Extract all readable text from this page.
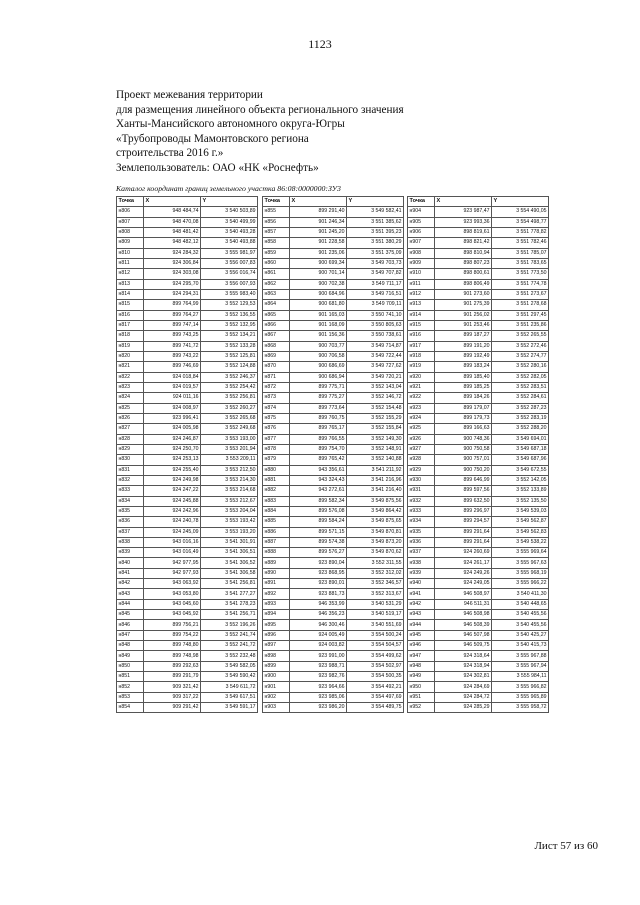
1123
Проект межевания территории
для размещения линейного объекта регионального значения
Ханты-Мансийского автономного округа-Югры
«Трубопроводы Мамонтовского региона
строительства 2016 г.»
Землепользователь: ОАО «НК «Роснефть»
Каталог координат границ земельного участка 86:08:0000000:ЗУ3
Точка	X	Y
н806	948 484,74	3 540 503,89
н807	948 470,08	3 540 499,99
н808	948 481,42	3 540 493,28
н809	948 482,12	3 540 493,88
н810	924 284,32	3 555 981,97
н811	924 306,84	3 556 007,83
н812	924 303,08	3 556 016,74
н813	924 295,70	3 556 007,93
н814	924 294,31	3 555 983,40
н815	899 764,99	3 552 129,53
н816	899 764,27	3 552 136,55
н817	899 747,14	3 552 132,95
н818	899 743,25	3 552 134,21
н819	899 741,72	3 552 133,28
н820	899 743,22	3 552 125,81
н821	899 746,69	3 552 124,88
н822	924 018,84	3 552 246,37
н823	924 019,57	3 552 254,42
н824	924 011,16	3 552 256,81
н825	924 008,97	3 552 260,27
н826	923 996,41	3 552 265,68
н827	924 005,98	3 552 249,68
н828	924 246,87	3 553 193,00
н829	924 250,70	3 553 201,94
н830	924 253,13	3 553 209,11
н831	924 255,40	3 553 212,50
н832	924 249,98	3 553 214,30
н833	924 247,22	3 553 214,68
н834	924 245,88	3 553 212,67
н835	924 242,96	3 553 204,04
н836	924 240,78	3 553 193,42
н837	924 245,09	3 553 193,20
н838	943 016,16	3 541 301,91
н839	943 016,49	3 541 306,51
н840	942 977,95	3 541 306,52
н841	942 977,93	3 541 306,58
н842	943 063,92	3 541 256,81
н843	943 053,80	3 541 277,27
н844	943 045,60	3 541 278,23
н845	943 045,92	3 541 256,71
н846	899 756,21	3 552 196,26
н847	899 754,22	3 552 241,74
н848	899 748,80	3 552 241,72
н849	899 748,98	3 552 232,48
н850	899 292,63	3 549 582,05
н851	899 291,79	3 549 590,42
н852	909 321,42	3 549 611,72
н853	909 317,22	3 549 617,51
н854	909 291,42	3 549 591,17
Точка	X	Y
н855	899 291,40	3 549 582,41
н856	901 246,34	3 551 385,62
н857	901 245,20	3 551 395,23
н858	901 228,58	3 551 380,29
н859	901 235,06	3 551 375,09
н860	900 699,34	3 549 703,73
н861	900 701,14	3 549 707,82
н862	900 702,38	3 549 711,17
н863	900 684,96	3 549 716,51
н864	900 681,80	3 549 709,11
н865	901 165,03	3 550 741,10
н866	901 168,09	3 550 805,63
н867	901 156,36	3 550 738,61
н868	900 703,77	3 549 714,87
н869	900 706,58	3 549 722,44
н870	900 686,69	3 549 727,62
н871	900 686,94	3 549 720,21
н872	899 775,71	3 552 143,04
н873	899 775,27	3 552 146,72
н874	899 773,64	3 552 154,48
н875	899 760,75	3 552 155,29
н876	899 765,17	3 552 155,84
н877	899 766,55	3 552 149,30
н878	899 754,70	3 552 148,91
н879	899 765,42	3 552 140,88
н880	943 356,61	3 541 211,92
н881	943 324,43	3 541 216,96
н882	943 272,61	3 541 216,40
н883	899 582,34	3 549 875,56
н884	899 576,08	3 549 864,42
н885	899 584,24	3 549 875,65
н886	899 571,15	3 549 870,81
н887	899 574,38	3 549 873,20
н888	899 576,27	3 549 870,62
н889	923 890,04	3 552 311,55
н890	923 868,95	3 552 312,02
н891	923 890,01	3 552 346,57
н892	923 881,73	3 552 313,67
н893	946 353,99	3 540 531,29
н894	946 356,23	3 540 519,17
н895	946 300,46	3 540 551,69
н896	924 005,49	3 554 500,24
н897	924 003,82	3 554 504,57
н898	923 991,00	3 554 499,62
н899	923 988,71	3 554 502,97
н900	923 982,76	3 554 500,35
н901	923 964,66	3 554 492,21
н902	923 985,06	3 554 497,69
н903	923 986,20	3 554 489,75
Точка	X	Y
н904	923 987,47	3 554 490,05
н905	923 993,36	3 554 498,77
н906	898 819,61	3 551 778,82
н907	898 821,42	3 551 782,46
н908	898 810,94	3 551 785,07
н909	898 807,23	3 551 783,65
н910	898 800,61	3 551 773,50
н911	898 806,49	3 551 774,78
н912	901 273,60	3 551 273,67
н913	901 275,39	3 551 278,68
н914	901 256,02	3 551 297,45
н915	901 253,46	3 551 235,86
н916	899 187,27	3 552 265,55
н917	899 191,20	3 552 272,46
н918	899 192,49	3 552 274,77
н919	899 183,24	3 552 280,16
н920	899 185,40	3 552 282,05
н921	899 185,25	3 552 283,51
н922	899 184,26	3 552 284,61
н923	899 179,07	3 552 287,23
н924	899 179,73	3 552 283,19
н925	899 166,63	3 552 288,20
н926	900 748,36	3 549 694,01
н927	900 750,58	3 549 687,18
н928	900 757,01	3 549 687,96
н929	900 750,20	3 549 672,55
н930	899 646,99	3 552 142,05
н931	899 597,56	3 552 133,89
н932	899 632,50	3 552 135,50
н933	899 296,97	3 549 539,03
н934	899 294,57	3 549 562,87
н935	899 291,64	3 549 562,83
н936	899 291,64	3 549 538,22
н937	924 260,69	3 555 969,64
н938	924 261,17	3 555 967,63
н939	924 249,26	3 555 968,19
н940	924 249,05	3 555 966,22
н941	946 508,97	3 540 411,30
н942	946 511,31	3 540 448,65
н943	946 508,98	3 540 455,56
н944	946 508,39	3 540 455,56
н945	946 507,98	3 540 425,27
н946	946 509,75	3 540 415,73
н947	924 318,64	3 555 967,88
н948	924 318,94	3 555 967,94
н949	924 302,81	3 555 984,11
н950	924 284,69	3 555 966,82
н951	924 284,72	3 555 965,89
н952	924 285,29	3 555 958,72
Лист 57 из 60
